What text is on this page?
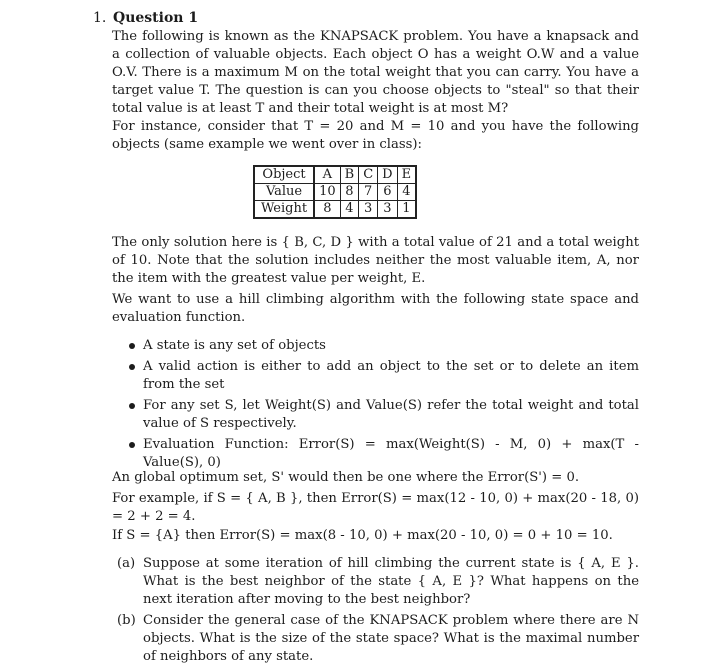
1. Question 1

The following is known as the KNAPSACK problem. You have a knapsack and a collection of valuable objects. Each object O has a weight O.W and a value O.V. There is a maximum M on the total weight that you can carry. You have a target value T. The question is can you choose objects to "steal" so that their total value is at least T and their total weight is at most M?

For instance, consider that T = 20 and M = 10 and you have the following objects (same example we went over in class):

Object	A	B	C	D	E
Value	10	8	7	6	4
Weight	8	4	3	3	1

The only solution here is { B, C, D } with a total value of 21 and a total weight of 10. Note that the solution includes neither the most valuable item, A, nor the item with the greatest value per weight, E.

We want to use a hill climbing algorithm with the following state space and evaluation function.

A state is any set of objects
A valid action is either to add an object to the set or to delete an item from the set
For any set S, let Weight(S) and Value(S) refer the total weight and total value of S respectively.
Evaluation Function: Error(S) = max(Weight(S) - M, 0) + max(T - Value(S), 0)

An global optimum set, S' would then be one where the Error(S') = 0.

For example, if S = { A, B }, then Error(S) = max(12 - 10, 0) + max(20 - 18, 0) = 2 + 2 = 4.

If S = {A} then Error(S) = max(8 - 10, 0) + max(20 - 10, 0) = 0 + 10 = 10.

(a) Suppose at some iteration of hill climbing the current state is { A, E }. What is the best neighbor of the state { A, E }? What happens on the next iteration after moving to the best neighbor?
(b) Consider the general case of the KNAPSACK problem where there are N objects. What is the size of the state space? What is the maximal number of neighbors of any state.
